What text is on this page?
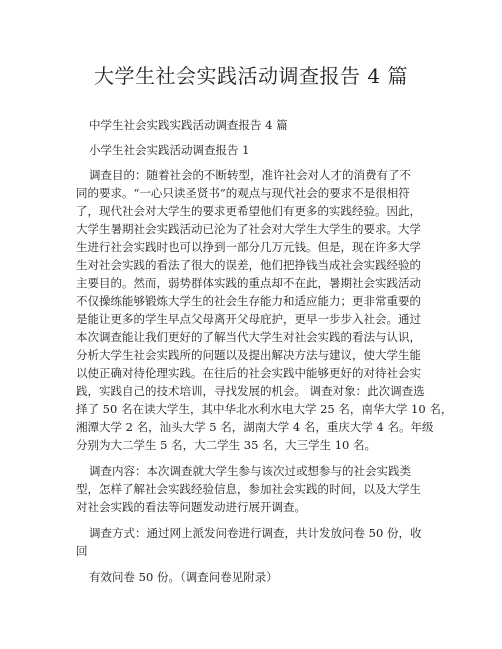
大学生社会实践活动调查报告 4 篇
中学生社会实践实践活动调查报告 4 篇
小学生社会实践活动调查报告 1
调查目的：随着社会的不断转型，准许社会对人才的消费有了不
同的要求。“一心只读圣贤书”的观点与现代社会的要求不是很相符
了，现代社会对大学生的要求更希望他们有更多的实践经验。因此，
大学生暑期社会实践活动已沦为了社会对大学生大学生的要求。大学
生进行社会实践时也可以挣到一部分几万元钱。但是，现在许多大学
生对社会实践的看法了很大的误差，他们把挣钱当成社会实践经验的
主要目的。然而，弱势群体实践的重点却不在此，暑期社会实践活动
不仅操练能够锻炼大学生的社会生存能力和适应能力；更非常重要的
是能让更多的学生早点父母离开父母庇护，更早一步步入社会。通过
本次调查能让我们更好的了解当代大学生对社会实践的看法与认识，
分析大学生社会实践所的问题以及提出解决方法与建议，使大学生能
以使正确对待伦理实践。在往后的社会实践中能够更好的对待社会实
践，实践自己的技术培训，寻找发展的机会。 调查对象：此次调查选
择了 50 名在读大学生，其中华北水利水电大学 25 名，南华大学 10 名，
湘潭大学 2 名，汕头大学 5 名，湖南大学 4 名，重庆大学 4 名。年级
分别为大二学生 5 名，大二学生 35 名，大三学生 10 名。
调查内容：本次调查就大学生参与该次过或想参与的社会实践类
型，怎样了解社会实践经验信息，参加社会实践的时间，以及大学生
对社会实践的看法等问题发动进行展开调查。
调查方式：通过网上派发问卷进行调查，共计发放问卷 50 份，收
回
有效问卷 50 份。（调查问卷见附录）
